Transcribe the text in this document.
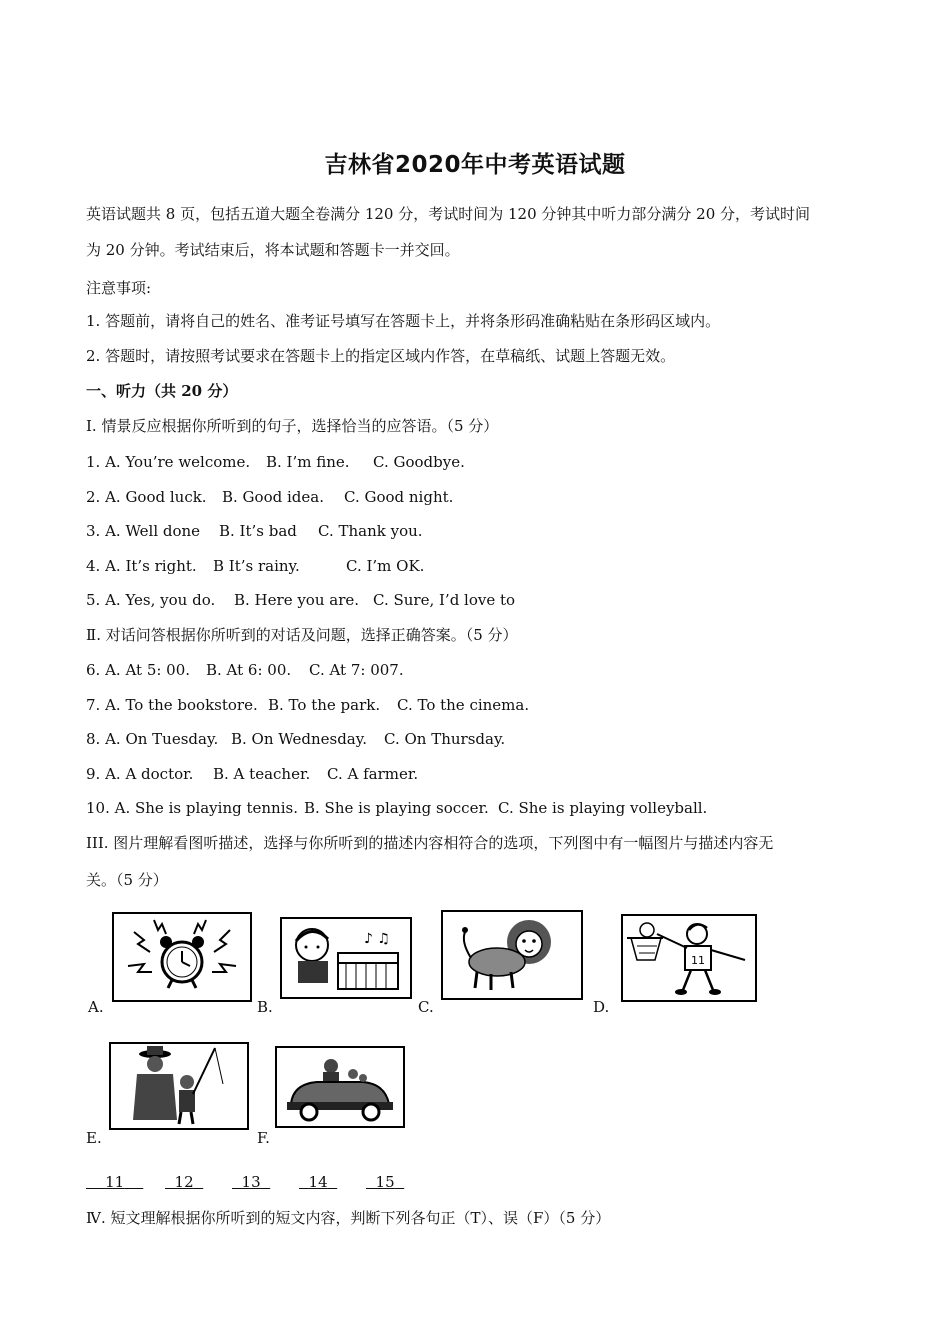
吉林省2020年中考英语试题
英语试题共 8 页，包括五道大题全卷满分 120 分，考试时间为 120 分钟其中听力部分满分 20 分，考试时间
为 20 分钟。考试结束后，将本试题和答题卡一并交回。
注意事项:
1. 答题前，请将自己的姓名、准考证号填写在答题卡上，并将条形码准确粘贴在条形码区域内。
2. 答题时，请按照考试要求在答题卡上的指定区域内作答，在草稿纸、试题上答题无效。
一、听力（共 20 分）
Ⅰ. 情景反应根据你所听到的句子，选择恰当的应答语。（5 分）
1. A. You’re welcome. B. I’m fine. C. Goodbye.
2. A. Good luck. B. Good idea. C. Good night.
3. A. Well done B. It’s bad C. Thank you.
4. A. It’s right. B It’s rainy.	C. I’m OK.
5. A. Yes, you do. B. Here you are. C. Sure, I’d love to
Ⅱ. 对话问答根据你所听到的对话及问题，选择正确答案。（5 分）
6. A. At 5: 00. B. At 6: 00. C. At 7: 007.
7. A. To the bookstore. B. To the park. C. To the cinema.
8. A. On Tuesday. B. On Wednesday. C. On Thursday.
9. A. A doctor. B. A teacher. C. A farmer.
10. A. She is playing tennis. B. She is playing soccer. C. She is playing volleyball.
III. 图片理解看图听描述，选择与你所听到的描述内容相符合的选项，下列图中有一幅图片与描述内容无
关。（5 分）
A.
♪ ♫
B.	C.
11
D.
E.	F.
11	12	13	14	15
Ⅳ. 短文理解根据你所听到的短文内容，判断下列各句正（T）、误（F）（5 分）
